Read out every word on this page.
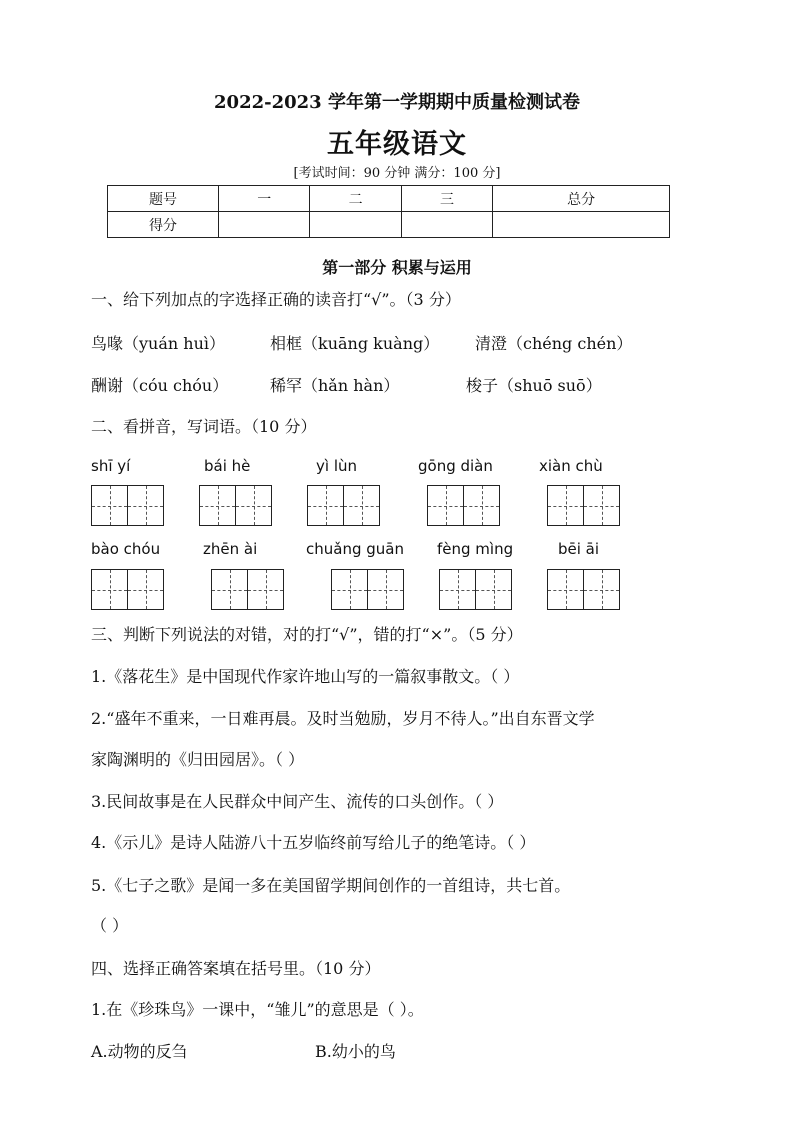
2022-2023 学年第一学期期中质量检测试卷
五年级语文
[考试时间：90 分钟 满分：100 分]
题号	一	二	三	总分
得分				
第一部分 积累与运用
一、给下列加点的字选择正确的读音打“√”。（3 分）
鸟喙（yuán huì）	相框（kuāng kuàng） 清澄（chéng chén）
酬谢（cóu chóu）	稀罕（hǎn hàn）	梭子（shuō suō）
二、看拼音，写词语。（10 分）
shī yí	bái hè	yì lùn	gōng diàn	xiàn chù
bào chóu	zhēn ài	chuǎng guān fèng mìng	bēi āi
三、判断下列说法的对错，对的打“√”，错的打“×”。（5 分）
1.《落花生》是中国现代作家许地山写的一篇叙事散文。（ ）
2.“盛年不重来，一日难再晨。及时当勉励，岁月不待人。”出自东晋文学
家陶渊明的《归田园居》。（ ）
3.民间故事是在人民群众中间产生、流传的口头创作。（ ）
4.《示儿》是诗人陆游八十五岁临终前写给儿子的绝笔诗。（ ）
5.《七子之歌》是闻一多在美国留学期间创作的一首组诗，共七首。
（ ）
四、选择正确答案填在括号里。（10 分）
1.在《珍珠鸟》一课中，“雏儿”的意思是（ ）。
A.动物的反刍	B.幼小的鸟
